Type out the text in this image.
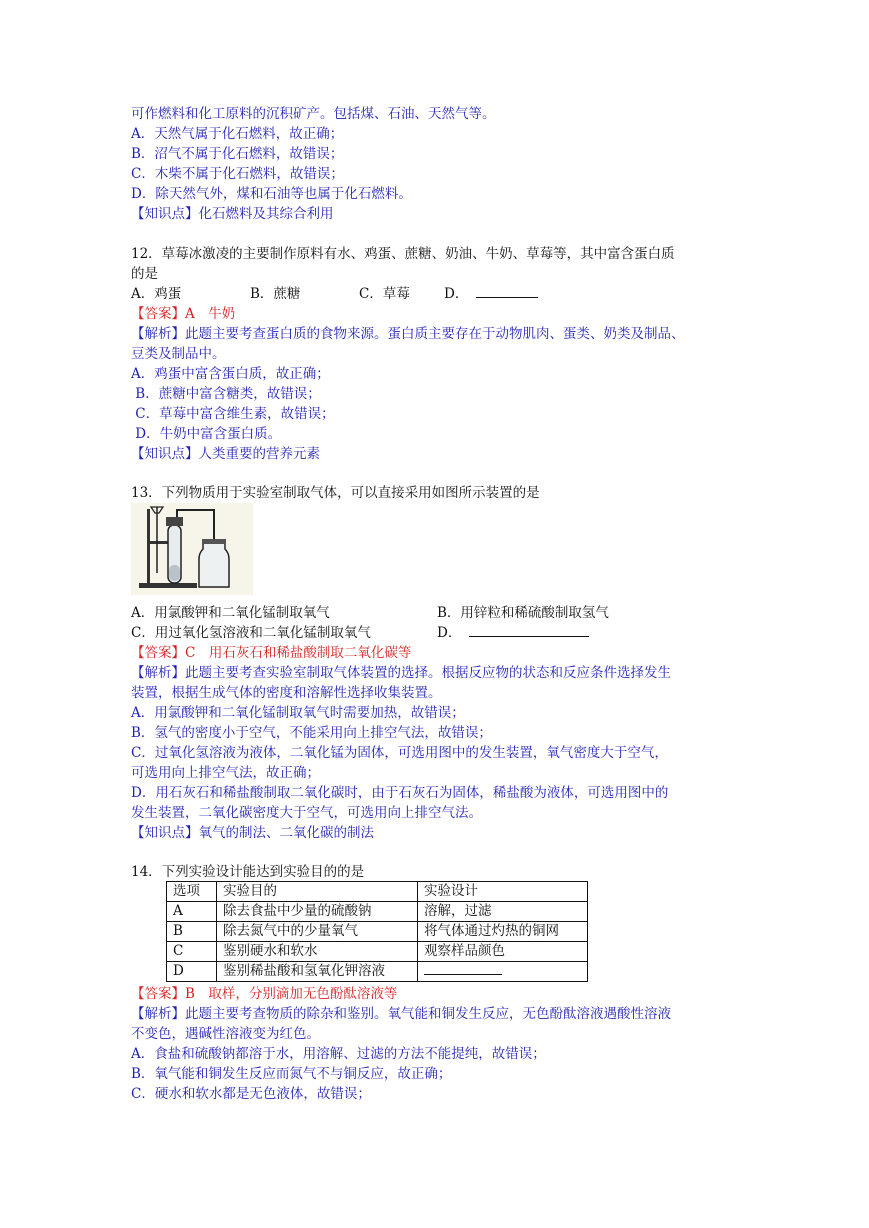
可作燃料和化工原料的沉积矿产。包括煤、石油、天然气等。
A．天然气属于化石燃料，故正确；
B．沼气不属于化石燃料，故错误；
C．木柴不属于化石燃料，故错误；
D．除天然气外，煤和石油等也属于化石燃料。
【知识点】化石燃料及其综合利用
12．草莓冰激凌的主要制作原料有水、鸡蛋、蔗糖、奶油、牛奶、草莓等，其中富含蛋白质
的是
A．鸡蛋	B．蔗糖	C．草莓	D．
【答案】A　牛奶
【解析】此题主要考查蛋白质的食物来源。蛋白质主要存在于动物肌肉、蛋类、奶类及制品、
豆类及制品中。
A．鸡蛋中富含蛋白质，故正确；
B．蔗糖中富含糖类，故错误；
C．草莓中富含维生素，故错误；
D．牛奶中富含蛋白质。
【知识点】人类重要的营养元素
13．下列物质用于实验室制取气体，可以直接采用如图所示装置的是
A．用氯酸钾和二氧化锰制取氧气	B．用锌粒和稀硫酸制取氢气
C．用过氧化氢溶液和二氧化锰制取氧气	D．
【答案】C　用石灰石和稀盐酸制取二氧化碳等
【解析】此题主要考查实验室制取气体装置的选择。根据反应物的状态和反应条件选择发生
装置，根据生成气体的密度和溶解性选择收集装置。
A．用氯酸钾和二氧化锰制取氧气时需要加热，故错误；
B．氢气的密度小于空气，不能采用向上排空气法，故错误；
C．过氧化氢溶液为液体，二氧化锰为固体，可选用图中的发生装置，氧气密度大于空气，
可选用向上排空气法，故正确；
D．用石灰石和稀盐酸制取二氧化碳时，由于石灰石为固体，稀盐酸为液体，可选用图中的
发生装置，二氧化碳密度大于空气，可选用向上排空气法。
【知识点】氧气的制法、二氧化碳的制法
14．下列实验设计能达到实验目的的是
选项	实验目的	实验设计
A	除去食盐中少量的硫酸钠	溶解，过滤
B	除去氮气中的少量氧气	将气体通过灼热的铜网
C	鉴别硬水和软水	观察样品颜色
D	鉴别稀盐酸和氢氧化钾溶液	
【答案】B　取样，分别滴加无色酚酞溶液等
【解析】此题主要考查物质的除杂和鉴别。氧气能和铜发生反应，无色酚酞溶液遇酸性溶液
不变色，遇碱性溶液变为红色。
A．食盐和硫酸钠都溶于水，用溶解、过滤的方法不能提纯，故错误；
B．氧气能和铜发生反应而氮气不与铜反应，故正确；
C．硬水和软水都是无色液体，故错误；
